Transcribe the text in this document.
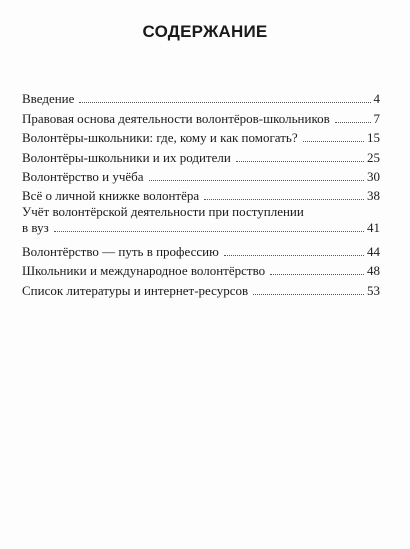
СОДЕРЖАНИЕ
Введение	4
Правовая основа деятельности волонтёров-школьников	7
Волонтёры-школьники: где, кому и как помогать?	15
Волонтёры-школьники и их родители	25
Волонтёрство и учёба	30
Всё о личной книжке волонтёра	38
Учёт волонтёрской деятельности при поступлении
в вуз	41
Волонтёрство — путь в профессию	44
Школьники и международное волонтёрство	48
Список литературы и интернет-ресурсов	53
